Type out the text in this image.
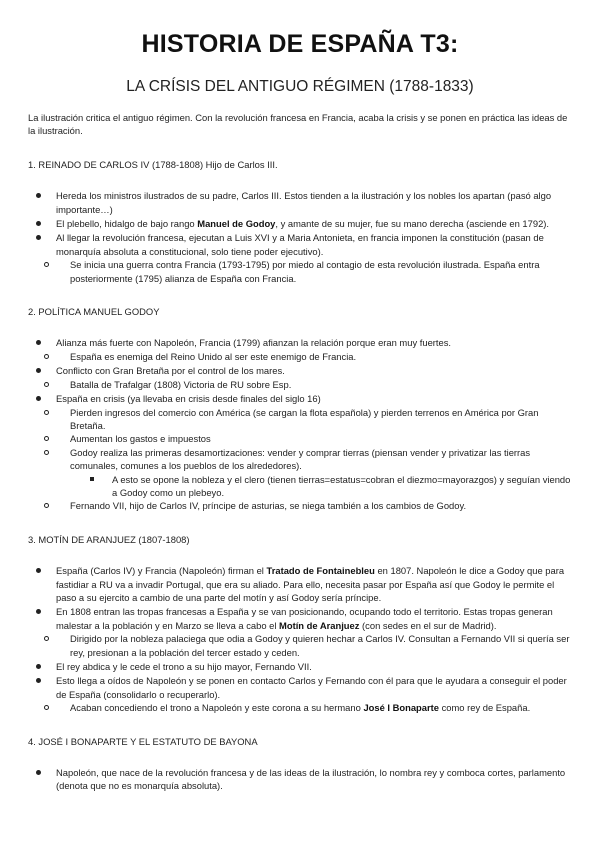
HISTORIA DE ESPAÑA T3:
LA CRÍSIS DEL ANTIGUO RÉGIMEN (1788-1833)

La ilustración critica el antiguo régimen. Con la revolución francesa en Francia, acaba la crisis y se ponen en práctica las ideas de la ilustración.

1. REINADO DE CARLOS IV (1788-1808) Hijo de Carlos III.

Hereda los ministros ilustrados de su padre, Carlos III. Estos tienden a la ilustración y los nobles los apartan (pasó algo importante…)
El plebello, hidalgo de bajo rango Manuel de Godoy, y amante de su mujer, fue su mano derecha (asciende en 1792).
Al llegar la revolución francesa, ejecutan a Luis XVI y a Maria Antonieta, en francia imponen la constitución (pasan de monarquía absoluta a constitucional, solo tiene poder ejecutivo).
Se inicia una guerra contra Francia (1793-1795) por miedo al contagio de esta revolución ilustrada. España entra posteriormente (1795) alianza de España con Francia.

2. POLÍTICA MANUEL GODOY

Alianza más fuerte con Napoleón, Francia (1799) afianzan la relación porque eran muy fuertes.
España es enemiga del Reino Unido al ser este enemigo de Francia.
Conflicto con Gran Bretaña por el control de los mares.
Batalla de Trafalgar (1808) Victoria de RU sobre Esp.
España en crisis (ya llevaba en crisis desde finales del siglo 16)
Pierden ingresos del comercio con América (se cargan la flota española) y pierden terrenos en América por Gran Bretaña.
Aumentan los gastos e impuestos
Godoy realiza las primeras desamortizaciones: vender y comprar tierras (piensan vender y privatizar las tierras comunales, comunes a los pueblos de los alrededores).
A esto se opone la nobleza y el clero (tienen tierras=estatus=cobran el diezmo=mayorazgos) y seguían viendo a Godoy como un plebeyo.
Fernando VII, hijo de Carlos IV, príncipe de asturias, se niega también a los cambios de Godoy.

3. MOTÍN DE ARANJUEZ (1807-1808)

España (Carlos IV) y Francia (Napoleón) firman el Tratado de Fontainebleu en 1807. Napoleón le dice a Godoy que para fastidiar a RU va a invadir Portugal, que era su aliado. Para ello, necesita pasar por España así que Godoy le permite el paso a su ejercito a cambio de una parte del motín y así Godoy sería príncipe.
En 1808 entran las tropas francesas a España y se van posicionando, ocupando todo el territorio. Estas tropas generan malestar a la población y en Marzo se lleva a cabo el Motín de Aranjuez (con sedes en el sur de Madrid).
Dirigido por la nobleza palaciega que odia a Godoy y quieren hechar a Carlos IV. Consultan a Fernando VII si quería ser rey, presionan a la población del tercer estado y ceden.
El rey abdica y le cede el trono a su hijo mayor, Fernando VII.
Esto llega a oídos de Napoleón y se ponen en contacto Carlos y Fernando con él para que le ayudara a conseguir el poder de España (consolidarlo o recuperarlo).
Acaban concediendo el trono a Napoleón y este corona a su hermano José I Bonaparte como rey de España.

4. JOSÉ I BONAPARTE Y EL ESTATUTO DE BAYONA

Napoleón, que nace de la revolución francesa y de las ideas de la ilustración, lo nombra rey y comboca cortes, parlamento (denota que no es monarquía absoluta).
